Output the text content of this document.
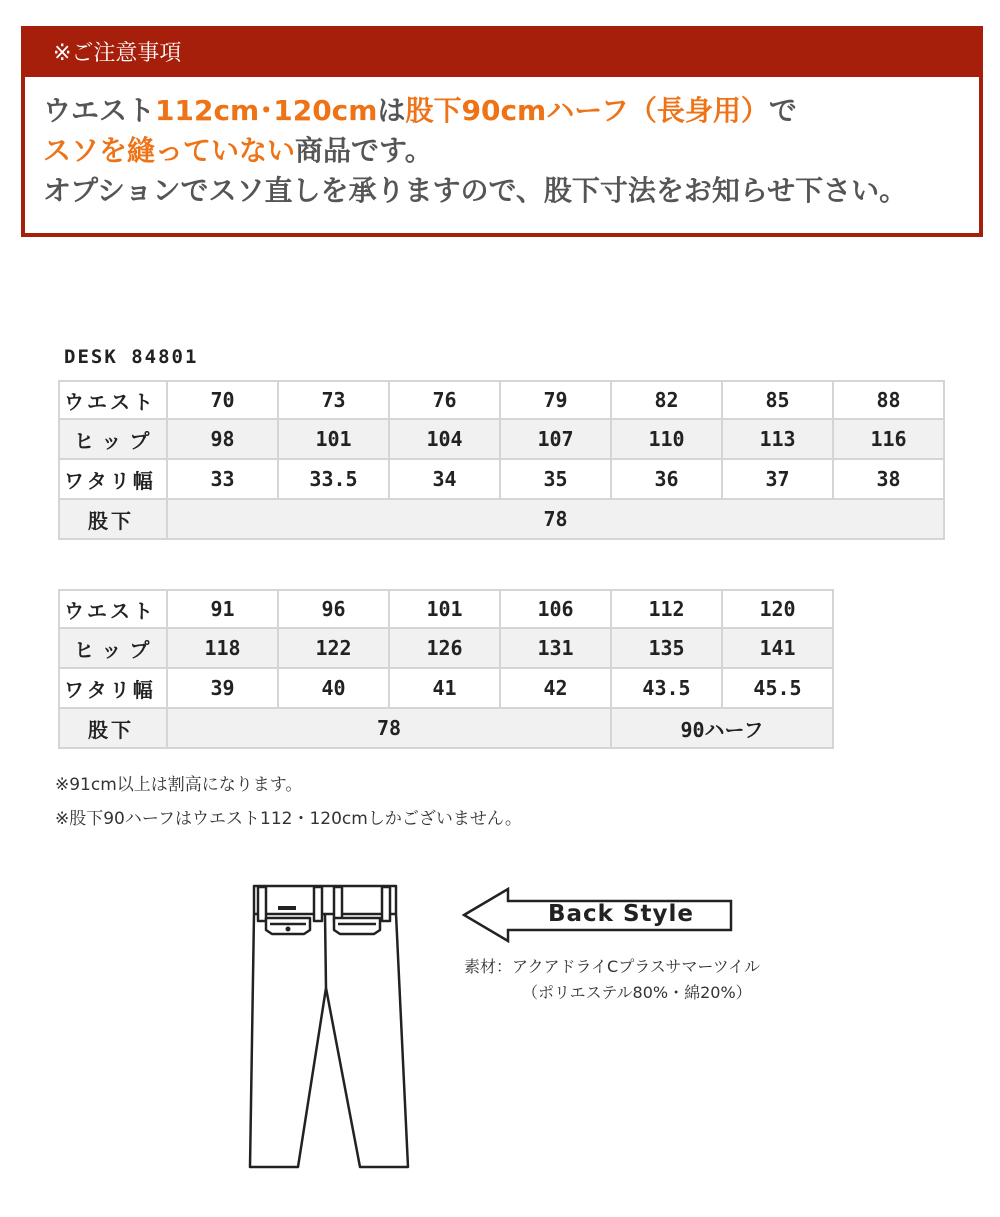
※ご注意事項
ウエスト112cm･120cmは股下90cmハーフ（長身用）で
スソを縫っていない商品です。
オプションでスソ直しを承りますので、股下寸法をお知らせ下さい。
DESK 84801
ウエスト	70	73	76	79	82	85	88
ヒップ	98	101	104	107	110	113	116
ワタリ幅	33	33.5	34	35	36	37	38
股下	78						
ウエスト	91	96	101	106	112	120
ヒップ	118	122	126	131	135	141
ワタリ幅	39	40	41	42	43.5	45.5
股下	78				90ハーフ	
※91cm以上は割高になります。
※股下90ハーフはウエスト112・120cmしかございません。
Back Style
素材：アクアドライCプラスサマーツイル
（ポリエステル80%・綿20%）
